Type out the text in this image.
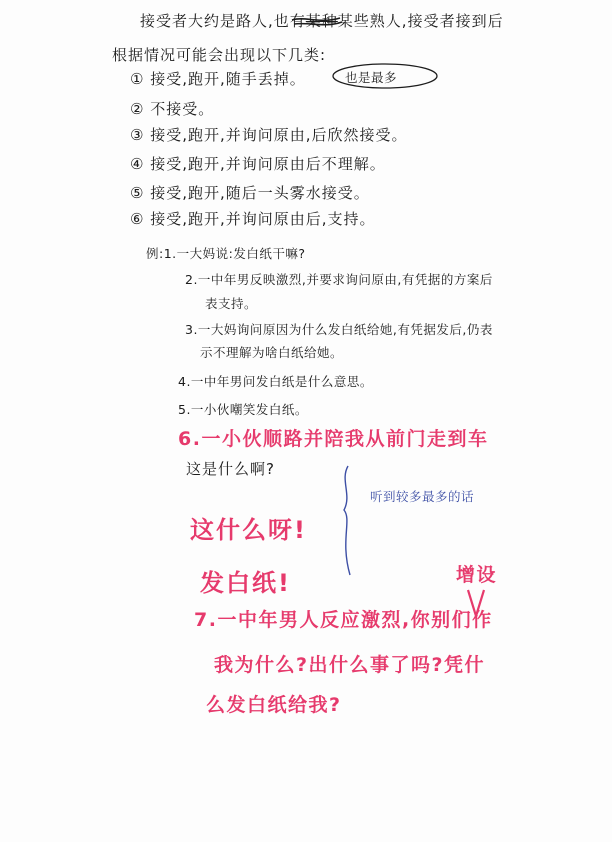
接受者大约是路人,也有某种某些熟人,接受者接到后
根据情况可能会出现以下几类:
也是最多
① 接受,跑开,随手丢掉。
② 不接受。
③ 接受,跑开,并询问原由,后欣然接受。
④ 接受,跑开,并询问原由后不理解。
⑤ 接受,跑开,随后一头雾水接受。
⑥ 接受,跑开,并询问原由后,支持。
例:1.一大妈说:发白纸干嘛?
2.一中年男反映激烈,并要求询问原由,有凭据的方案后
表支持。
3.一大妈询问原因为什么发白纸给她,有凭据发后,仍表
示不理解为啥白纸给她。
4.一中年男问发白纸是什么意思。
5.一小伙嘲笑发白纸。
6.一小伙顺路并陪我从前门走到车
这是什么啊?
听到较多最多的话
这什么呀!
发白纸!	增设
7.一中年男人反应激烈,你别们作
我为什么?出什么事了吗?凭什
么发白纸给我?
